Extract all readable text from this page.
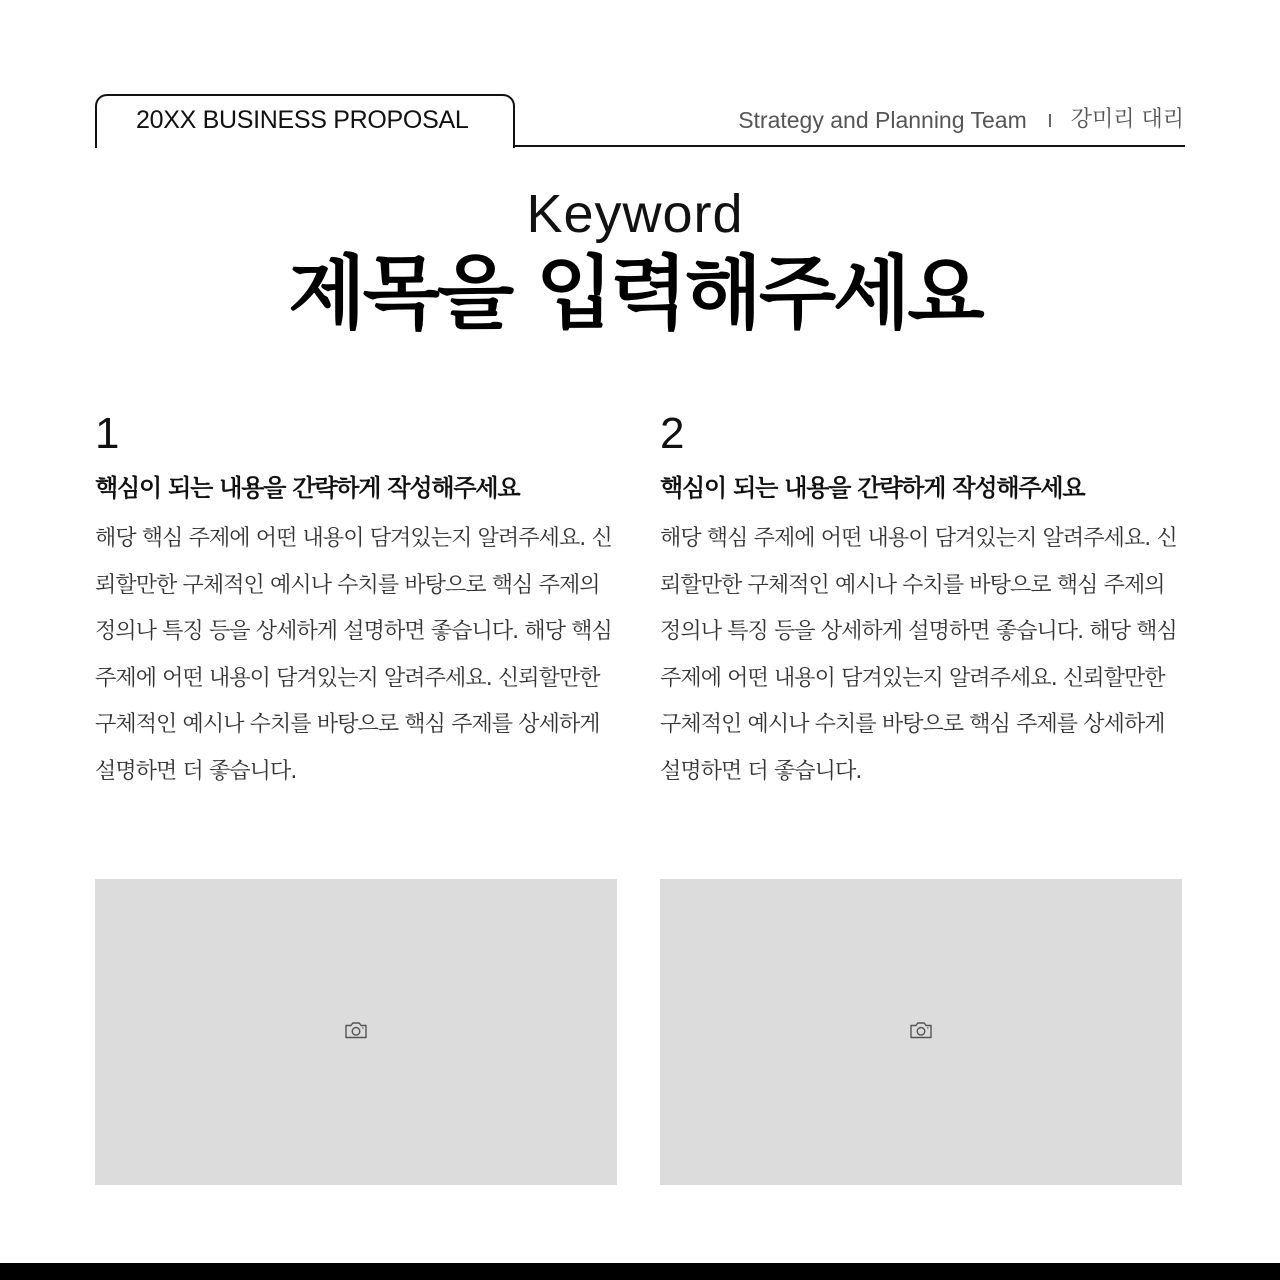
20XX BUSINESS PROPOSAL	Strategy and Planning Team 강미리 대리
Keyword
제목을 입력해주세요
1
핵심이 되는 내용을 간략하게 작성해주세요
해당 핵심 주제에 어떤 내용이 담겨있는지 알려주세요. 신뢰할만한 구체적인 예시나 수치를 바탕으로 핵심 주제의 정의나 특징 등을 상세하게 설명하면 좋습니다. 해당 핵심 주제에 어떤 내용이 담겨있는지 알려주세요. 신뢰할만한 구체적인 예시나 수치를 바탕으로 핵심 주제를 상세하게 설명하면 더 좋습니다.
2
핵심이 되는 내용을 간략하게 작성해주세요
해당 핵심 주제에 어떤 내용이 담겨있는지 알려주세요. 신뢰할만한 구체적인 예시나 수치를 바탕으로 핵심 주제의 정의나 특징 등을 상세하게 설명하면 좋습니다. 해당 핵심 주제에 어떤 내용이 담겨있는지 알려주세요. 신뢰할만한 구체적인 예시나 수치를 바탕으로 핵심 주제를 상세하게 설명하면 더 좋습니다.
